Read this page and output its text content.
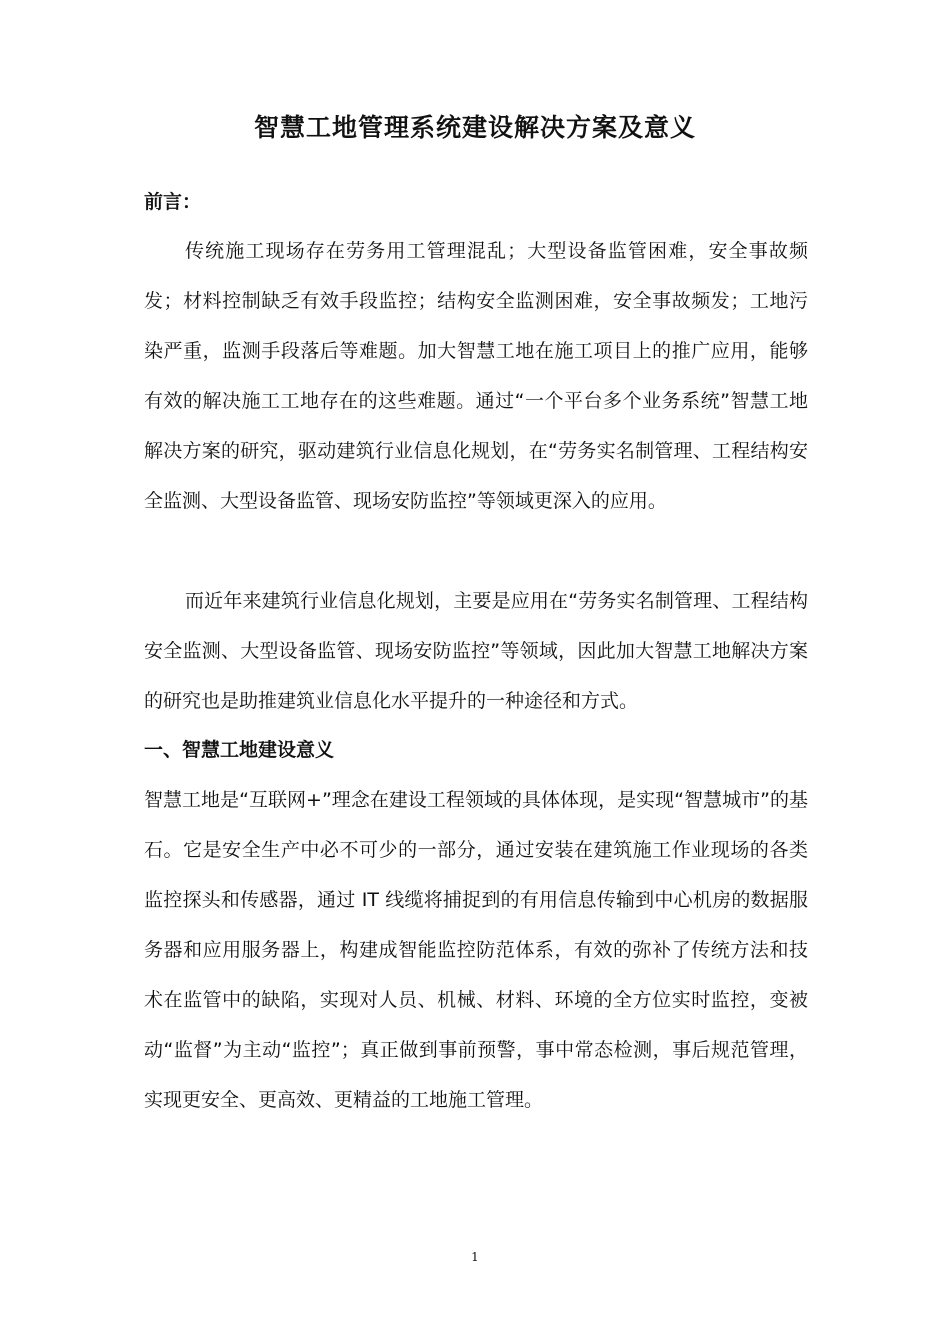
智慧工地管理系统建设解决方案及意义
前言：

传统施工现场存在劳务用工管理混乱；大型设备监管困难，安全事故频发；材料控制缺乏有效手段监控；结构安全监测困难，安全事故频发；工地污染严重，监测手段落后等难题。加大智慧工地在施工项目上的推广应用，能够有效的解决施工工地存在的这些难题。通过“一个平台多个业务系统”智慧工地解决方案的研究，驱动建筑行业信息化规划，在“劳务实名制管理、工程结构安全监测、大型设备监管、现场安防监控”等领域更深入的应用。

而近年来建筑行业信息化规划，主要是应用在“劳务实名制管理、工程结构安全监测、大型设备监管、现场安防监控”等领域，因此加大智慧工地解决方案的研究也是助推建筑业信息化水平提升的一种途径和方式。

一、智慧工地建设意义

智慧工地是“互联网+”理念在建设工程领域的具体体现，是实现“智慧城市”的基石。它是安全生产中必不可少的一部分，通过安装在建筑施工作业现场的各类监控探头和传感器，通过 IT 线缆将捕捉到的有用信息传输到中心机房的数据服务器和应用服务器上，构建成智能监控防范体系，有效的弥补了传统方法和技术在监管中的缺陷，实现对人员、机械、材料、环境的全方位实时监控，变被动“监督”为主动“监控”；真正做到事前预警，事中常态检测，事后规范管理，实现更安全、更高效、更精益的工地施工管理。

1
